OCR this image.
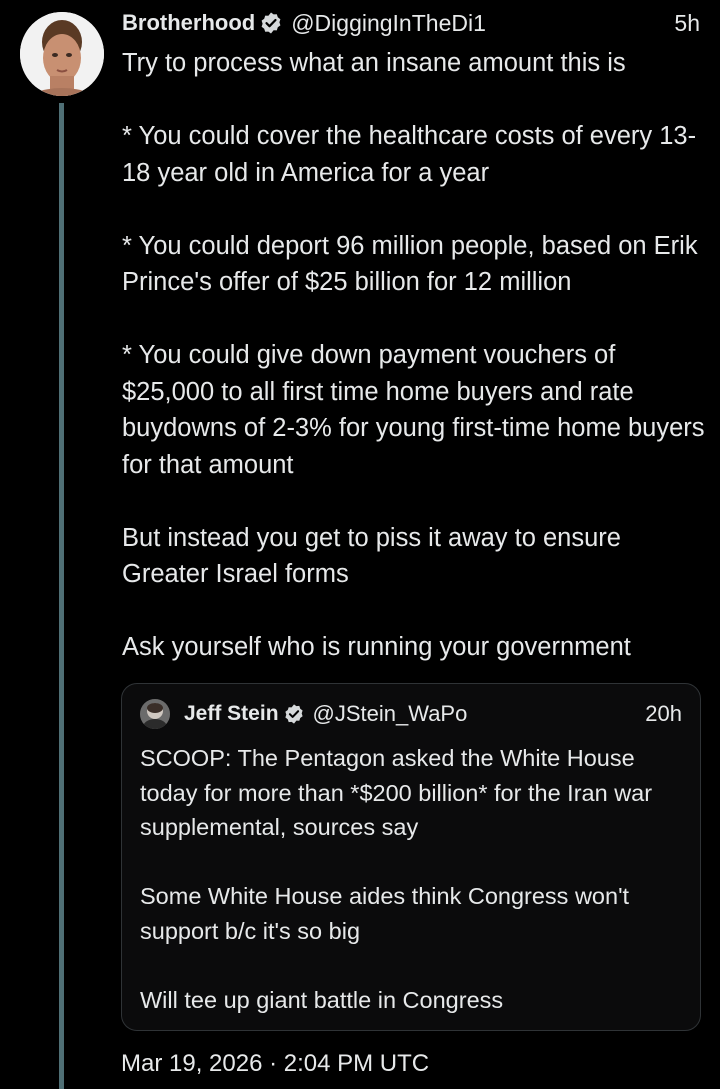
Brotherhood @DiggingInTheDi1	5h

Try to process what an insane amount this is

* You could cover the healthcare costs of every 13-18 year old in America for a year

* You could deport 96 million people, based on Erik Prince's offer of $25 billion for 12 million

* You could give down payment vouchers of $25,000 to all first time home buyers and rate buydowns of 2-3% for young first-time home buyers for that amount

But instead you get to piss it away to ensure Greater Israel forms

Ask yourself who is running your government

Jeff Stein @JStein_WaPo	20h

SCOOP: The Pentagon asked the White House today for more than *$200 billion* for the Iran war supplemental, sources say

Some White House aides think Congress won't support b/c it's so big

Will tee up giant battle in Congress

Mar 19, 2026 · 2:04 PM UTC
